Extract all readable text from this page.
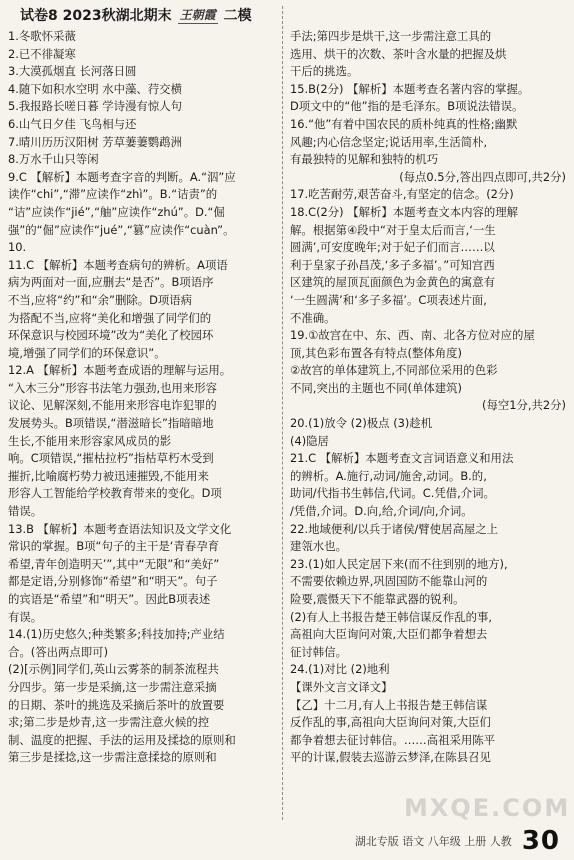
试卷8 2023秋湖北期末 王朝霞 二模

1.冬歌怀采薇

2.已不徘凝寒

3.大漠孤烟直 长河落日圆

4.随下如积水空明 水中藻、荇交横

5.我报路长嗟日暮 学诗漫有惊人句

6.山气日夕佳 飞鸟相与还

7.晴川历历汉阳树 芳草萋萋鹦鹉洲

8.万水千山只等闲

9.C 【解析】本题考查字音的判断。A.“泅”应

读作“chi”,“滞”应读作“zhì”。B.“诘责”的

“诘”应读作“jié”,“舳”应读作“zhú”。D.“倔

强”的“倔”应读作“jué”,“篡”应读作“cuàn”。

10.

11.C 【解析】本题考查病句的辨析。A项语

病为两面对一面,应删去“是否”。B项语序

不当,应将“约”和“余”删除。D项语病

为搭配不当,应将“美化和增强了同学们的

环保意识与校园环境”改为“美化了校园环

境,增强了同学们的环保意识”。

12.A 【解析】本题考查成语的理解与运用。

“入木三分”形容书法笔力强劲,也用来形容

议论、见解深刻,不能用来形容电诈犯罪的

发展势头。B项错误,“潜滋暗长”指暗暗地

生长,不能用来形容家风成员的影

响。C项错误,“摧枯拉朽”指枯草朽木受到

摧折,比喻腐朽势力被迅速摧毁,不能用来

形容人工智能给学校教育带来的变化。D项

错误。

13.B 【解析】本题考查语法知识及文学文化

常识的掌握。B项“句子的主干是‘青春孕育

希望,青年创造明天’”,其中“无限”和“美好”

都是定语,分别修饰“希望”和“明天”。句子

的宾语是“希望”和“明天”。因此B项表述

有误。

14.(1)历史悠久;种类繁多;科技加持;产业结

合。(答出两点即可)

(2)[示例]同学们,英山云雾茶的制茶流程共

分四步。第一步是采摘,这一步需注意采摘

的日期、茶叶的挑选及采摘后茶叶的放置要

求;第二步是炒青,这一步需注意火候的控

制、温度的把握、手法的运用及揉捻的原则和

第三步是揉捻,这一步需注意揉捻的原则和

手法;第四步是烘干,这一步需注意工具的

选用、烘干的次数、茶叶含水量的把握及烘

干后的挑选。

15.B(2分) 【解析】本题考查名著内容的掌握。

D项文中的“他”指的是毛泽东。B项说法错误。

16.“他”有着中国农民的质朴纯真的性格;幽默

风趣;内心信念坚定;说话用率,生活简朴,

有最独特的见解和独特的机巧

(每点0.5分,答出四点即可,共2分)

17.吃苦耐劳,艰苦奋斗,有坚定的信念。(2分)

18.C(2分) 【解析】本题考查文本内容的理解

解。根据第④段中“对于皇太后而言,‘一生

圆满’,可安度晚年;对于妃子们而言……以

利于皇家子孙昌茂,‘多子多福’。”可知宫西

区建筑的屋顶瓦面颜色为金黄色的寓意有

‘一生圆满’和‘多子多福’。C项表述片面,

不准确。

19.①故宫在中、东、西、南、北各方位对应的屋

顶,其色彩布置各有特点(整体角度)

②故宫的单体建筑上,不同部位采用的色彩

不同,突出的主题也不同(单体建筑)

(每空1分,共2分)

20.(1)放令 (2)极点 (3)趁机

(4)隐居

21.C 【解析】本题考查文言词语意义和用法

的辨析。A.施行,动词/施舍,动词。B.的,

助词/代指书生韩信,代词。C.凭借,介词。

/凭借,介词。D.向,给,介词/向,介词。

22.地域便利/以兵于诸侯/臂使居高屋之上

建瓴水也。

23.(1)如人民定居下来(而不往到别的地方),

不需要依赖边界,巩固国防不能靠山河的

险要,震慑天下不能靠武器的锐利。

(2)有人上书报告楚王韩信谋反作乱的事,

高祖向大臣询问对策,大臣们都争着想去

征讨韩信。

24.(1)对比 (2)地利

【课外文言文译文】

【乙】十二月,有人上书报告楚王韩信谋

反作乱的事,高祖向大臣询问对策,大臣们

都争着想去征讨韩信。……高祖采用陈平

平的计谋,假装去巡游云梦泽,在陈县召见

MXQE.COM
湖北专版 语文 八年级 上册 人教 30
